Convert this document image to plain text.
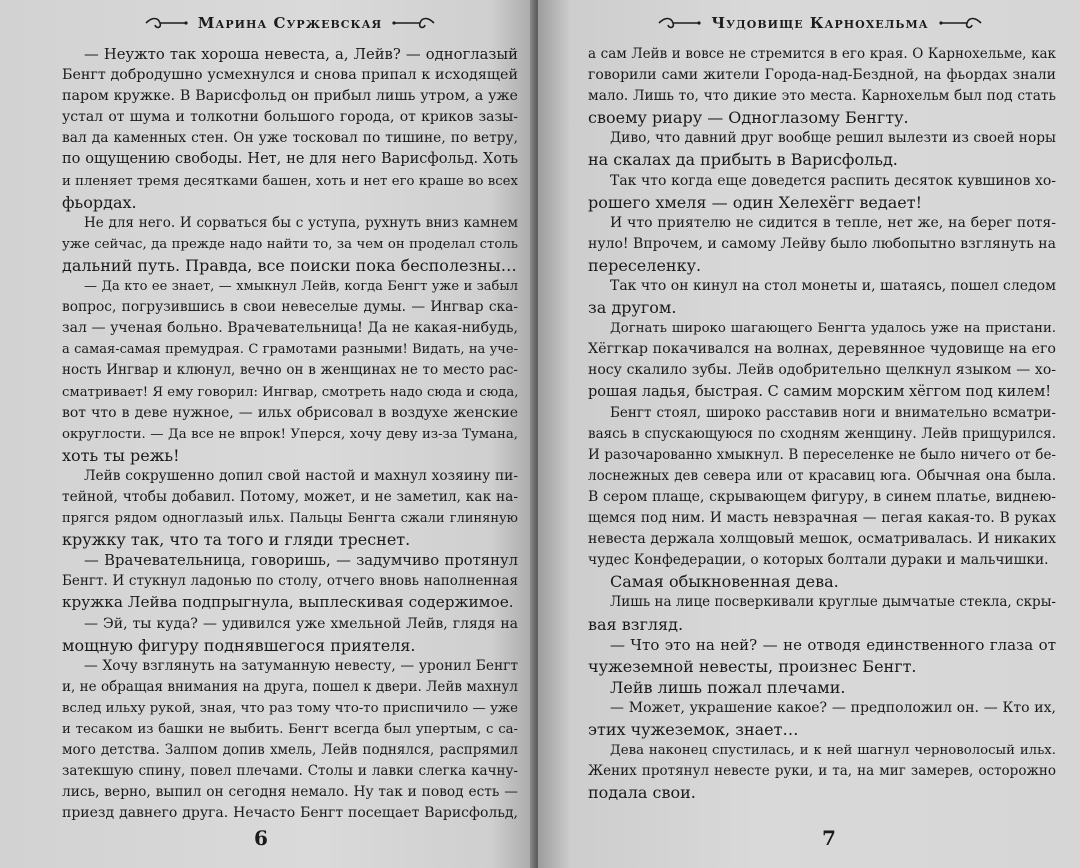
Марина Суржевская
— Неужто так хороша невеста, а, Лейв? — одноглазый
Бенгт добродушно усмехнулся и снова припал к исходящей
паром кружке. В Варисфольд он прибыл лишь утром, а уже
устал от шума и толкотни большого города, от криков зазы-
вал да каменных стен. Он уже тосковал по тишине, по ветру,
по ощущению свободы. Нет, не для него Варисфольд. Хоть
и пленяет тремя десятками башен, хоть и нет его краше во всех
фьордах.
Не для него. И сорваться бы с уступа, рухнуть вниз камнем
уже сейчас, да прежде надо найти то, за чем он проделал столь
дальний путь. Правда, все поиски пока бесполезны…
— Да кто ее знает, — хмыкнул Лейв, когда Бенгт уже и забыл
вопрос, погрузившись в свои невеселые думы. — Ингвар ска-
зал — ученая больно. Врачевательница! Да не какая-нибудь,
а самая-самая премудрая. С грамотами разными! Видать, на уче-
ность Ингвар и клюнул, вечно он в женщинах не то место рас-
сматривает! Я ему говорил: Ингвар, смотреть надо сюда и сюда,
вот что в деве нужное, — ильх обрисовал в воздухе женские
округлости. — Да все не впрок! Уперся, хочу деву из-за Тумана,
хоть ты режь!
Лейв сокрушенно допил свой настой и махнул хозяину пи-
тейной, чтобы добавил. Потому, может, и не заметил, как на-
прягся рядом одноглазый ильх. Пальцы Бенгта сжали глиняную
кружку так, что та того и гляди треснет.
— Врачевательница, говоришь, — задумчиво протянул
Бенгт. И стукнул ладонью по столу, отчего вновь наполненная
кружка Лейва подпрыгнула, выплескивая содержимое.
— Эй, ты куда? — удивился уже хмельной Лейв, глядя на
мощную фигуру поднявшегося приятеля.
— Хочу взглянуть на затуманную невесту, — уронил Бенгт
и, не обращая внимания на друга, пошел к двери. Лейв махнул
вслед ильху рукой, зная, что раз тому что-то приспичило — уже
и тесаком из башки не выбить. Бенгт всегда был упертым, с са-
мого детства. Залпом допив хмель, Лейв поднялся, распрямил
затекшую спину, повел плечами. Столы и лавки слегка качну-
лись, верно, выпил он сегодня немало. Ну так и повод есть —
приезд давнего друга. Нечасто Бенгт посещает Варисфольд,
6
Чудовище Карнохельма
а сам Лейв и вовсе не стремится в его края. О Карнохельме, как
говорили сами жители Города-над-Бездной, на фьордах знали
мало. Лишь то, что дикие это места. Карнохельм был под стать
своему риару — Одноглазому Бенгту.
Диво, что давний друг вообще решил вылезти из своей норы
на скалах да прибыть в Варисфольд.
Так что когда еще доведется распить десяток кувшинов хо-
рошего хмеля — один Хелехёгг ведает!
И что приятелю не сидится в тепле, нет же, на берег потя-
нуло! Впрочем, и самому Лейву было любопытно взглянуть на
переселенку.
Так что он кинул на стол монеты и, шатаясь, пошел следом
за другом.
Догнать широко шагающего Бенгта удалось уже на пристани.
Хёггкар покачивался на волнах, деревянное чудовище на его
носу скалило зубы. Лейв одобрительно щелкнул языком — хо-
рошая ладья, быстрая. С самим морским хёггом под килем!
Бенгт стоял, широко расставив ноги и внимательно всматри-
ваясь в спускающуюся по сходням женщину. Лейв прищурился.
И разочарованно хмыкнул. В переселенке не было ничего от бе-
лоснежных дев севера или от красавиц юга. Обычная она была.
В сером плаще, скрывающем фигуру, в синем платье, виднею-
щемся под ним. И масть невзрачная — пегая какая-то. В руках
невеста держала холщовый мешок, осматривалась. И никаких
чудес Конфедерации, о которых болтали дураки и мальчишки.
Самая обыкновенная дева.
Лишь на лице посверкивали круглые дымчатые стекла, скры-
вая взгляд.
— Что это на ней? — не отводя единственного глаза от
чужеземной невесты, произнес Бенгт.
Лейв лишь пожал плечами.
— Может, украшение какое? — предположил он. — Кто их,
этих чужеземок, знает…
Дева наконец спустилась, и к ней шагнул черноволосый ильх.
Жених протянул невесте руки, и та, на миг замерев, осторожно
подала свои.
7
